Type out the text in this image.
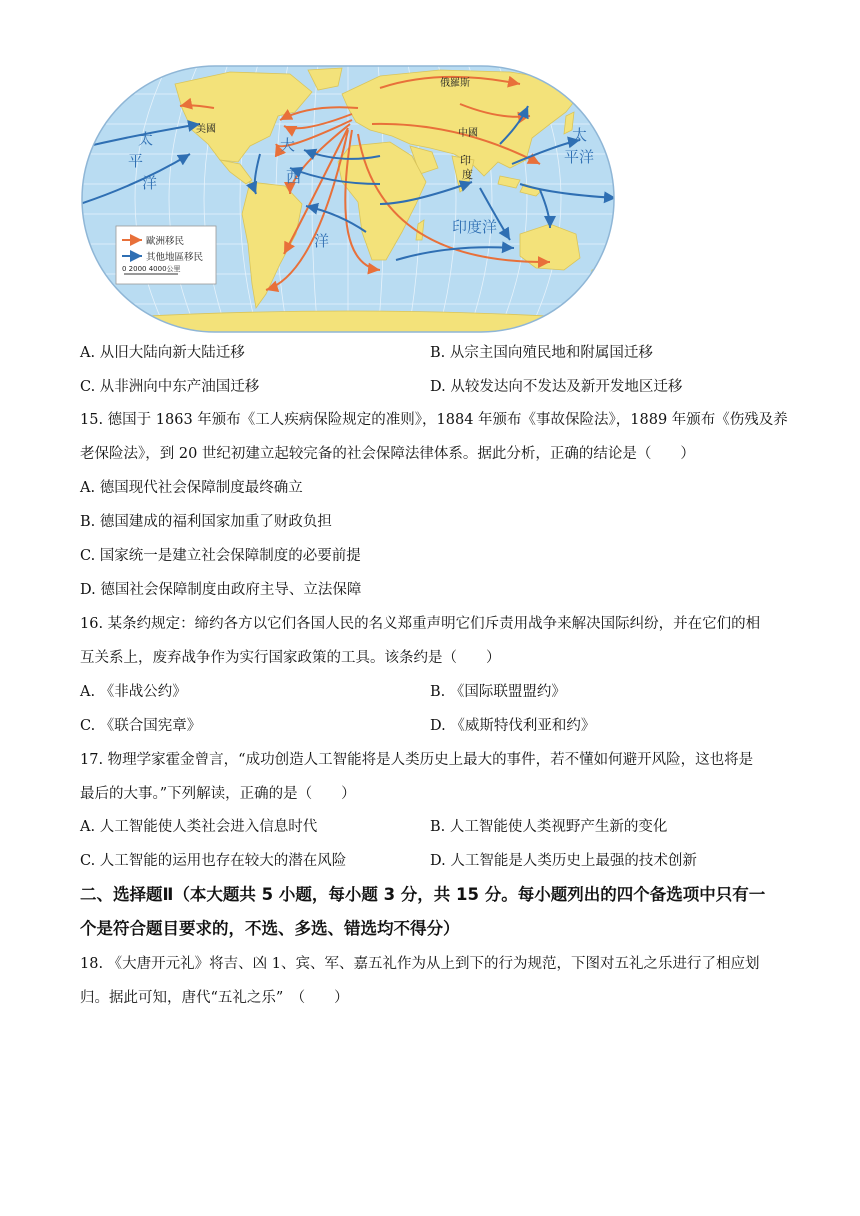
俄羅斯
美國	中國
印
度
太
平
洋
大
西
洋
太
平洋
印度洋
歐洲移民
其他地區移民
0 2000 4000公里
A. 从旧大陆向新大陆迁移	B. 从宗主国向殖民地和附属国迁移
C. 从非洲向中东产油国迁移	D. 从较发达向不发达及新开发地区迁移
15. 德国于 1863 年颁布《工人疾病保险规定的准则》，1884 年颁布《事故保险法》，1889 年颁布《伤残及养
老保险法》，到 20 世纪初建立起较完备的社会保障法律体系。据此分析，正确的结论是（　　）
A. 德国现代社会保障制度最终确立
B. 德国建成的福利国家加重了财政负担
C. 国家统一是建立社会保障制度的必要前提
D. 德国社会保障制度由政府主导、立法保障
16. 某条约规定：缔约各方以它们各国人民的名义郑重声明它们斥责用战争来解决国际纠纷，并在它们的相
互关系上，废弃战争作为实行国家政策的工具。该条约是（　　）
A. 《非战公约》	B. 《国际联盟盟约》
C. 《联合国宪章》	D. 《威斯特伐利亚和约》
17. 物理学家霍金曾言，“成功创造人工智能将是人类历史上最大的事件，若不懂如何避开风险，这也将是
最后的大事。”下列解读，正确的是（　　）
A. 人工智能使人类社会进入信息时代	B. 人工智能使人类视野产生新的变化
C. 人工智能的运用也存在较大的潜在风险	D. 人工智能是人类历史上最强的技术创新
二、选择题Ⅱ（本大题共 5 小题，每小题 3 分，共 15 分。每小题列出的四个备选项中只有一
个是符合题目要求的，不选、多选、错选均不得分）
18. 《大唐开元礼》将吉、凶 1、宾、军、嘉五礼作为从上到下的行为规范，下图对五礼之乐进行了相应划
归。据此可知，唐代“五礼之乐”　（　　）
